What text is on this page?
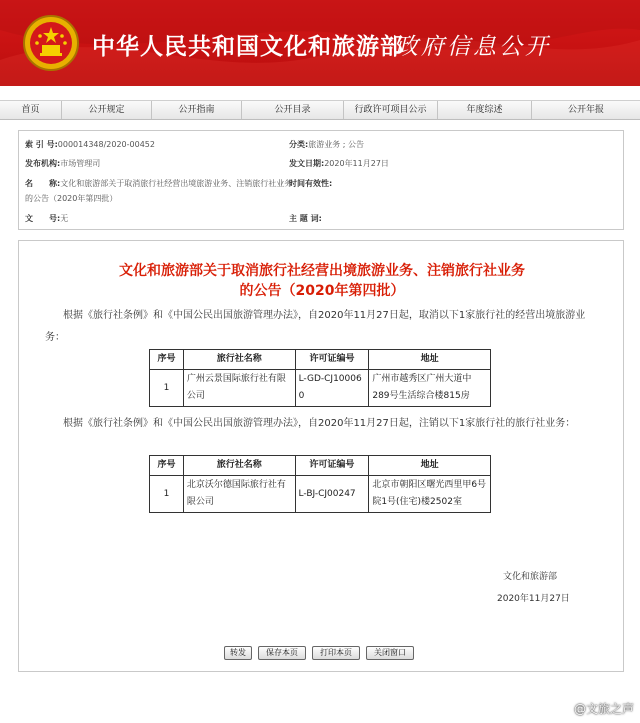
中华人民共和国文化和旅游部
政府信息公开
首页	公开规定	公开指南	公开目录	行政许可项目公示	年度综述	公开年报
索 引 号:000014348/2020-00452	分类:旅游业务 ; 公告
发布机构:市场管理司	发文日期:2020年11月27日
名　　称:文化和旅游部关于取消旅行社经营出境旅游业务、注销旅行社业务
的公告（2020年第四批）
时间有效性:
文　　号:无	主 题 词:
文化和旅游部关于取消旅行社经营出境旅游业务、注销旅行社业务
的公告（2020年第四批）
根据《旅行社条例》和《中国公民出国旅游管理办法》，自2020年11月27日起，取消以下1家旅行社的经营出境旅游业务：
序号	旅行社名称	许可证编号	地址
1	广州云景国际旅行社有限公司	L-GD-CJ100060	广州市越秀区广州大道中289号生活综合楼815房
根据《旅行社条例》和《中国公民出国旅游管理办法》，自2020年11月27日起，注销以下1家旅行社的旅行社业务：
序号	旅行社名称	许可证编号	地址
1	北京沃尔德国际旅行社有限公司	L-BJ-CJ00247	北京市朝阳区曙光西里甲6号院1号(住宅)楼2502室
文化和旅游部
2020年11月27日
转发	保存本页	打印本页	关闭窗口
@文旅之声
